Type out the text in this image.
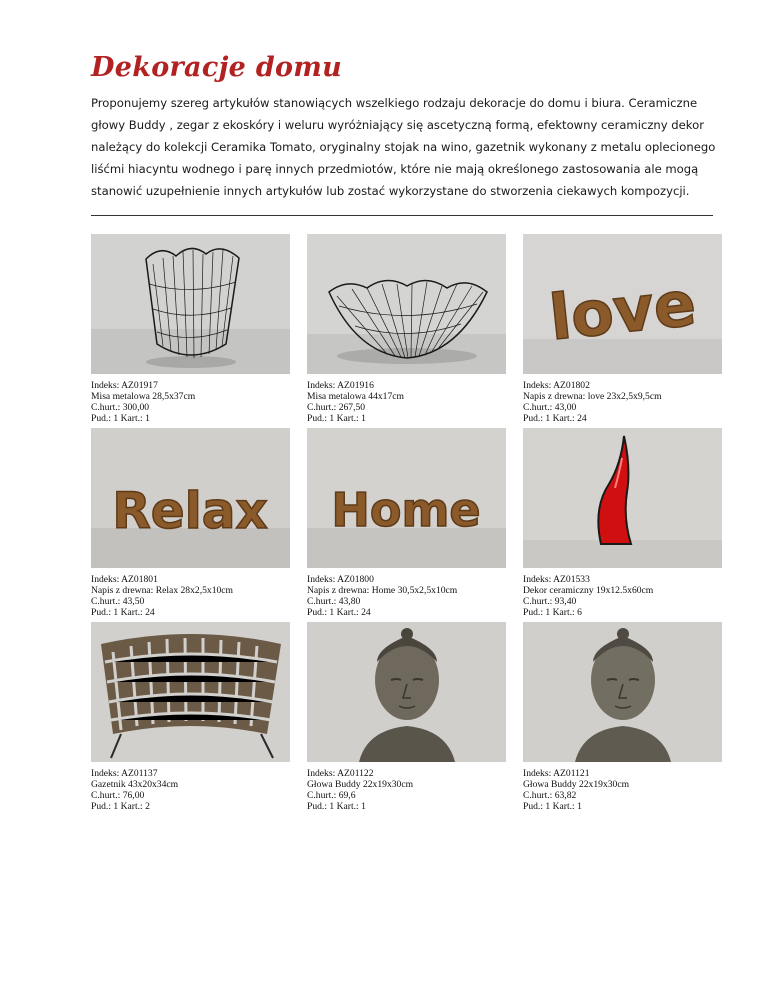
Dekoracje domu
Proponujemy szereg artykułów stanowiących wszelkiego rodzaju dekoracje do domu i biura. Ceramiczne głowy Buddy , zegar z ekoskóry i weluru wyróżniający się ascetyczną formą, efektowny ceramiczny dekor należący do kolekcji Ceramika Tomato, oryginalny stojak na wino, gazetnik wykonany z metalu oplecionego liśćmi hiacyntu wodnego i parę innych przedmiotów, które nie mają określonego zastosowania ale mogą stanowić uzupełnienie innych artykułów lub zostać wykorzystane do stworzenia ciekawych kompozycji.
Indeks: AZ01917
Misa metalowa 28,5x37cm
C.hurt.: 300,00
Pud.: 1 Kart.: 1
Indeks: AZ01916
Misa metalowa 44x17cm
C.hurt.: 267,50
Pud.: 1 Kart.: 1
love
Indeks: AZ01802
Napis z drewna: love 23x2,5x9,5cm
C.hurt.: 43,00
Pud.: 1 Kart.: 24
Relax
Indeks: AZ01801
Napis z drewna: Relax 28x2,5x10cm
C.hurt.: 43,50
Pud.: 1 Kart.: 24
Home
Indeks: AZ01800
Napis z drewna: Home 30,5x2,5x10cm
C.hurt.: 43,80
Pud.: 1 Kart.: 24
Indeks: AZ01533
Dekor ceramiczny 19x12.5x60cm
C.hurt.: 93,40
Pud.: 1 Kart.: 6
Indeks: AZ01137
Gazetnik 43x20x34cm
C.hurt.: 76,00
Pud.: 1 Kart.: 2
Indeks: AZ01122
Głowa Buddy 22x19x30cm
C.hurt.: 69,6
Pud.: 1 Kart.: 1
Indeks: AZ01121
Głowa Buddy 22x19x30cm
C.hurt.: 63,82
Pud.: 1 Kart.: 1
